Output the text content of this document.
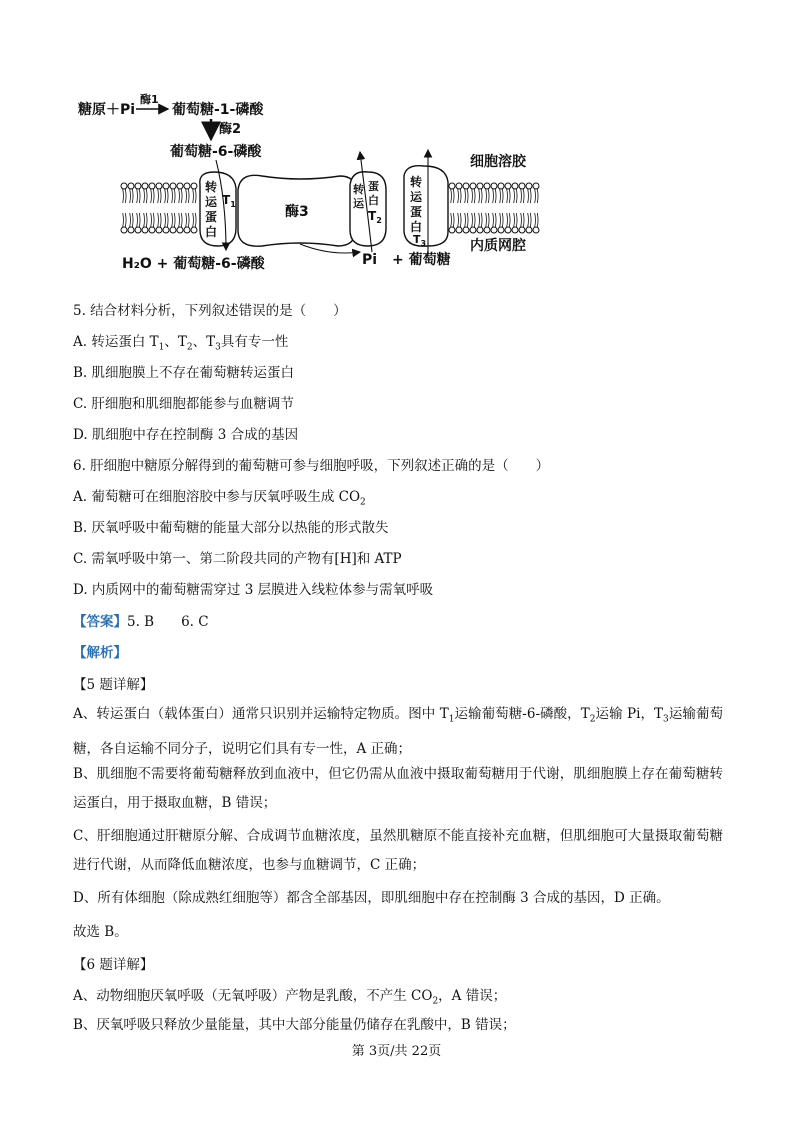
糖原＋Pi
酶1
葡萄糖-1-磷酸
酶2
葡萄糖-6-磷酸
转
运
蛋
白
$T_1$	酶3
转
运
蛋
白
$T_2$
转
运
蛋
白
$T_3$
细胞溶胶
内质网腔
H₂O + 葡萄糖-6-磷酸	Pi + 葡萄糖
5. 结合材料分析，下列叙述错误的是（　　）
A. 转运蛋白 $T_1$、$T_2$、$T_3$具有专一性
B. 肌细胞膜上不存在葡萄糖转运蛋白
C. 肝细胞和肌细胞都能参与血糖调节
D. 肌细胞中存在控制酶 3 合成的基因
6. 肝细胞中糖原分解得到的葡萄糖可参与细胞呼吸，下列叙述正确的是（　　）
A. 葡萄糖可在细胞溶胶中参与厌氧呼吸生成 $CO_2$
B. 厌氧呼吸中葡萄糖的能量大部分以热能的形式散失
C. 需氧呼吸中第一、第二阶段共同的产物有[H]和 ATP
D. 内质网中的葡萄糖需穿过 3 层膜进入线粒体参与需氧呼吸
【答案】5. B　　6. C
【解析】
【5 题详解】
A、转运蛋白（载体蛋白）通常只识别并运输特定物质。图中 $T_1$运输葡萄糖-6-磷酸，$T_2$运输 Pi，$T_3$运输葡萄糖，各自运输不同分子，说明它们具有专一性，A 正确；
B、肌细胞不需要将葡萄糖释放到血液中，但它仍需从血液中摄取葡萄糖用于代谢，肌细胞膜上存在葡萄糖转运蛋白，用于摄取血糖，B 错误；
C、肝细胞通过肝糖原分解、合成调节血糖浓度，虽然肌糖原不能直接补充血糖，但肌细胞可大量摄取葡萄糖进行代谢，从而降低血糖浓度，也参与血糖调节，C 正确；
D、所有体细胞（除成熟红细胞等）都含全部基因，即肌细胞中存在控制酶 3 合成的基因，D 正确。
故选 B。
【6 题详解】
A、动物细胞厌氧呼吸（无氧呼吸）产物是乳酸，不产生 $CO_2$，A 错误；
B、厌氧呼吸只释放少量能量，其中大部分能量仍储存在乳酸中，B 错误；
第 3页/共 22页
